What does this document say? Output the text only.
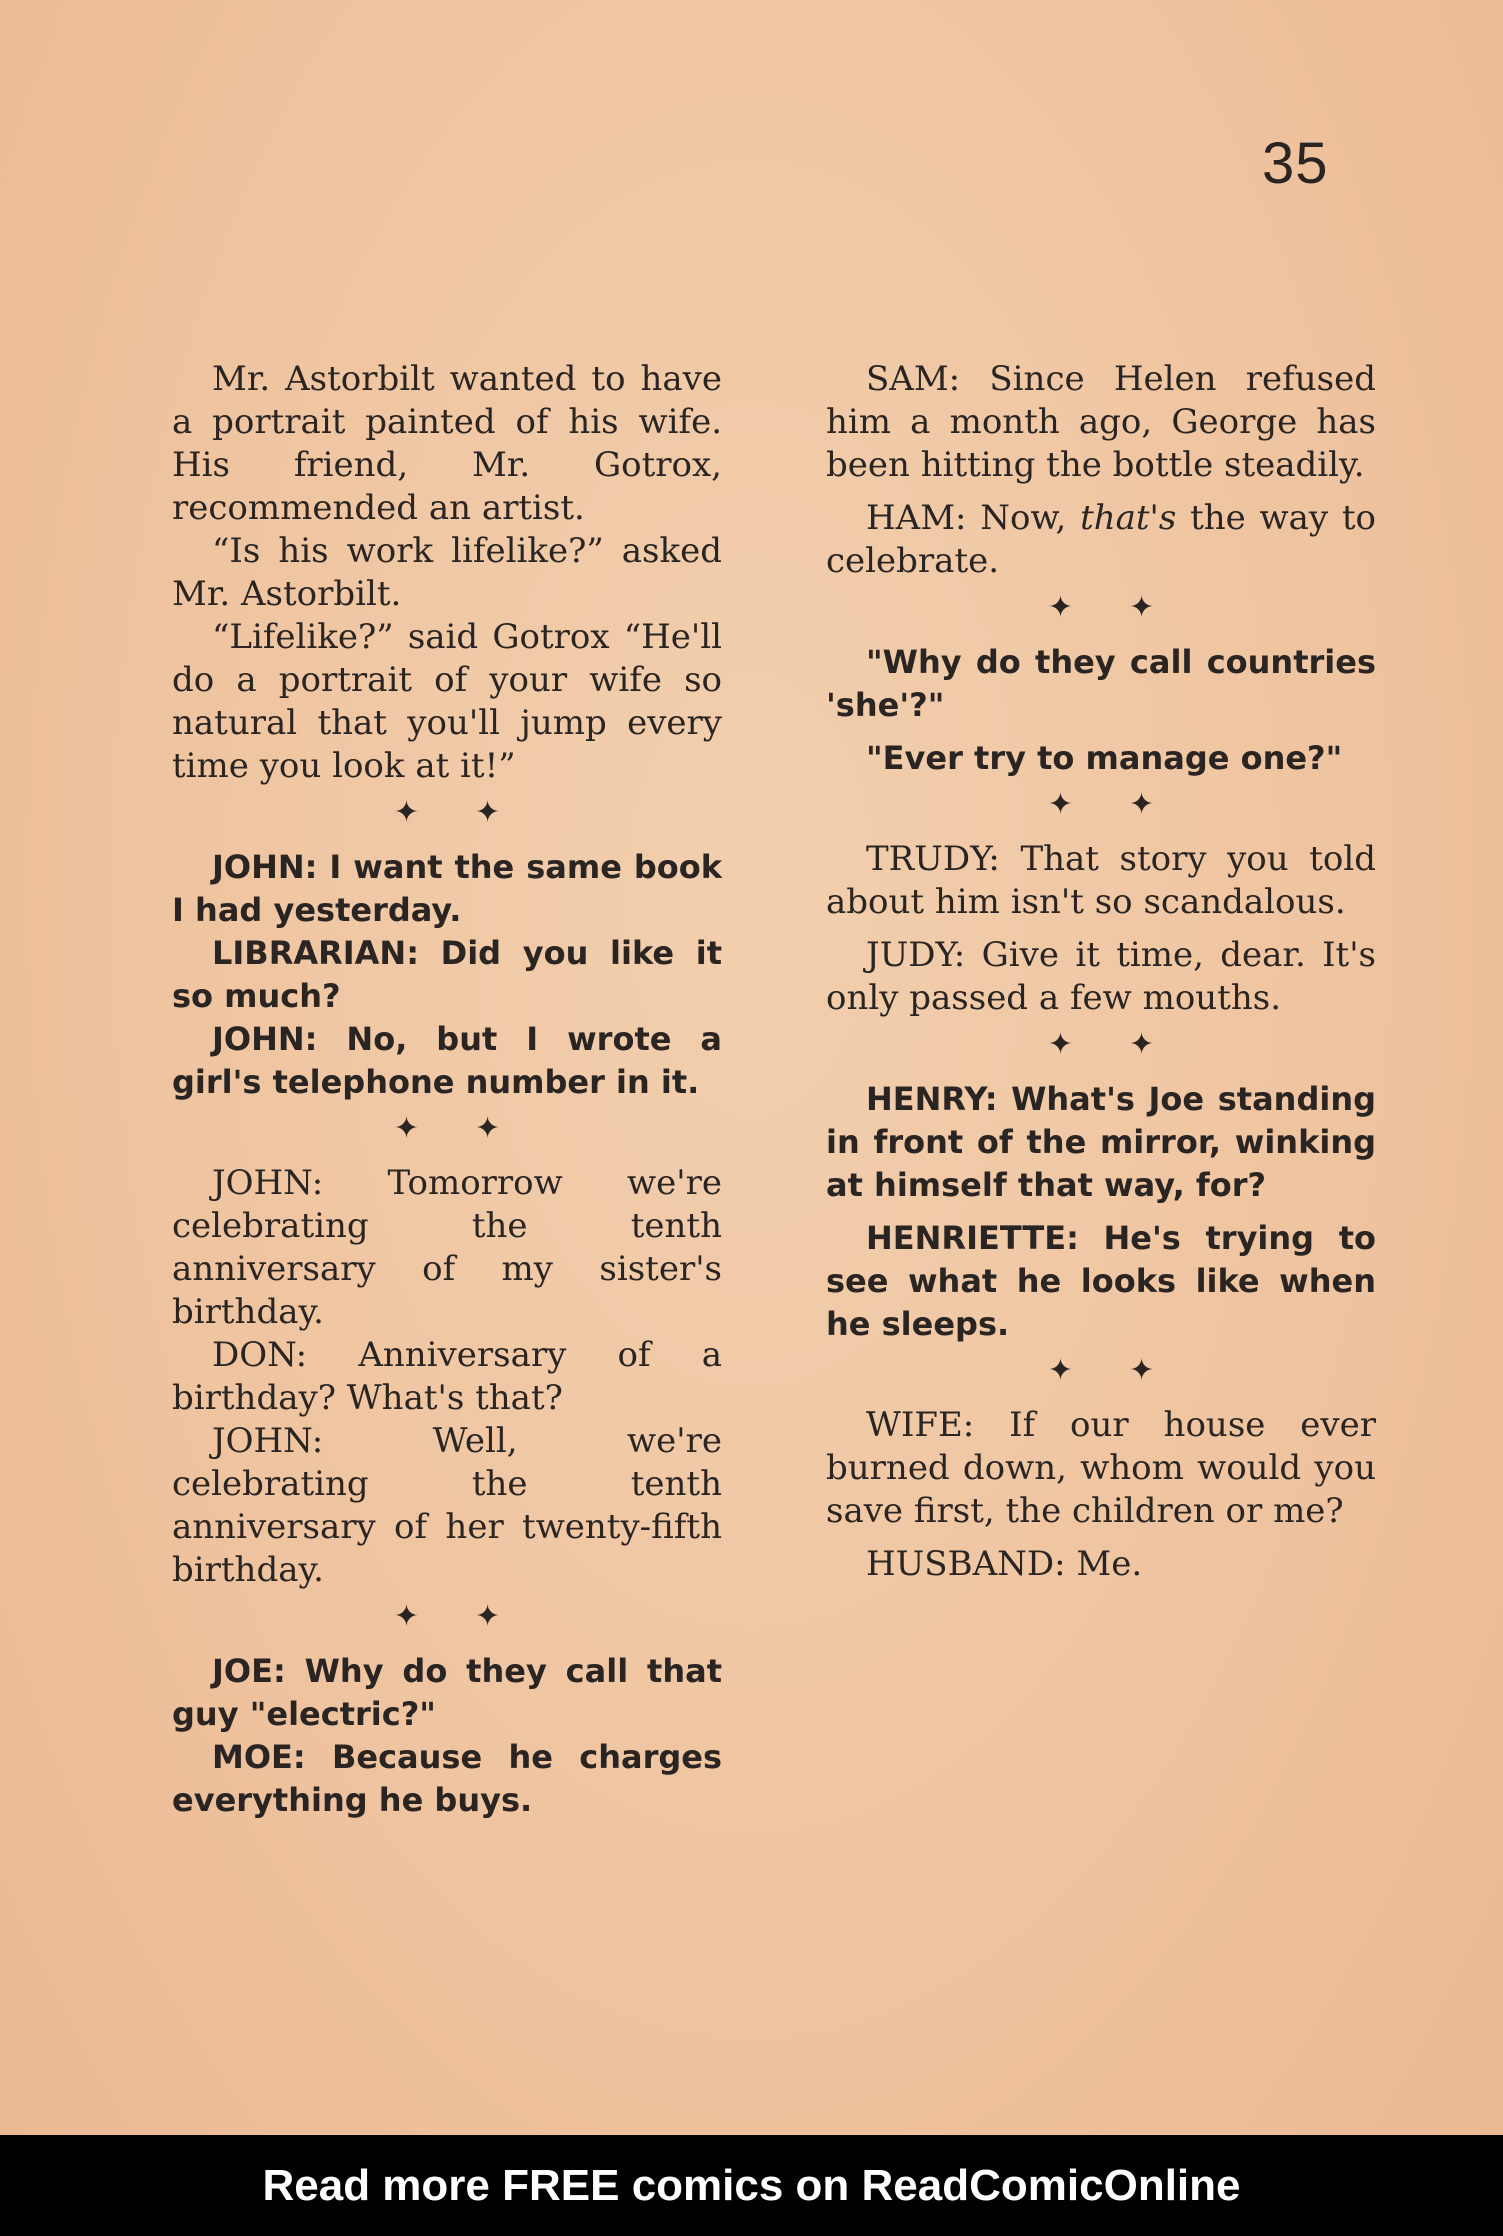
35

Mr. Astorbilt wanted to have a portrait painted of his wife. His friend, Mr. Gotrox, recommended an artist.

“Is his work lifelike?” asked Mr. Astorbilt.

“Lifelike?” said Gotrox “He'll do a portrait of your wife so natural that you'll jump every time you look at it!”

✦✦

JOHN: I want the same book I had yesterday.

LIBRARIAN: Did you like it so much?

JOHN: No, but I wrote a girl's telephone number in it.

✦✦

JOHN: Tomorrow we're celebrating the tenth anniversary of my sister's birthday.

DON: Anniversary of a birthday? What's that?

JOHN: Well, we're celebrating the tenth anniversary of her twenty-fifth birthday.

✦✦

JOE: Why do they call that guy "electric?"

MOE: Because he charges everything he buys.

SAM: Since Helen refused him a month ago, George has been hitting the bottle steadily.

HAM: Now, that's the way to celebrate.

✦✦

"Why do they call countries 'she'?"

"Ever try to manage one?"

✦✦

TRUDY: That story you told about him isn't so scandalous.

JUDY: Give it time, dear. It's only passed a few mouths.

✦✦

HENRY: What's Joe standing in front of the mirror, winking at himself that way, for?

HENRIETTE: He's trying to see what he looks like when he sleeps.

✦✦

WIFE: If our house ever burned down, whom would you save first, the children or me?

HUSBAND: Me.

Read more FREE comics on ReadComicOnline
